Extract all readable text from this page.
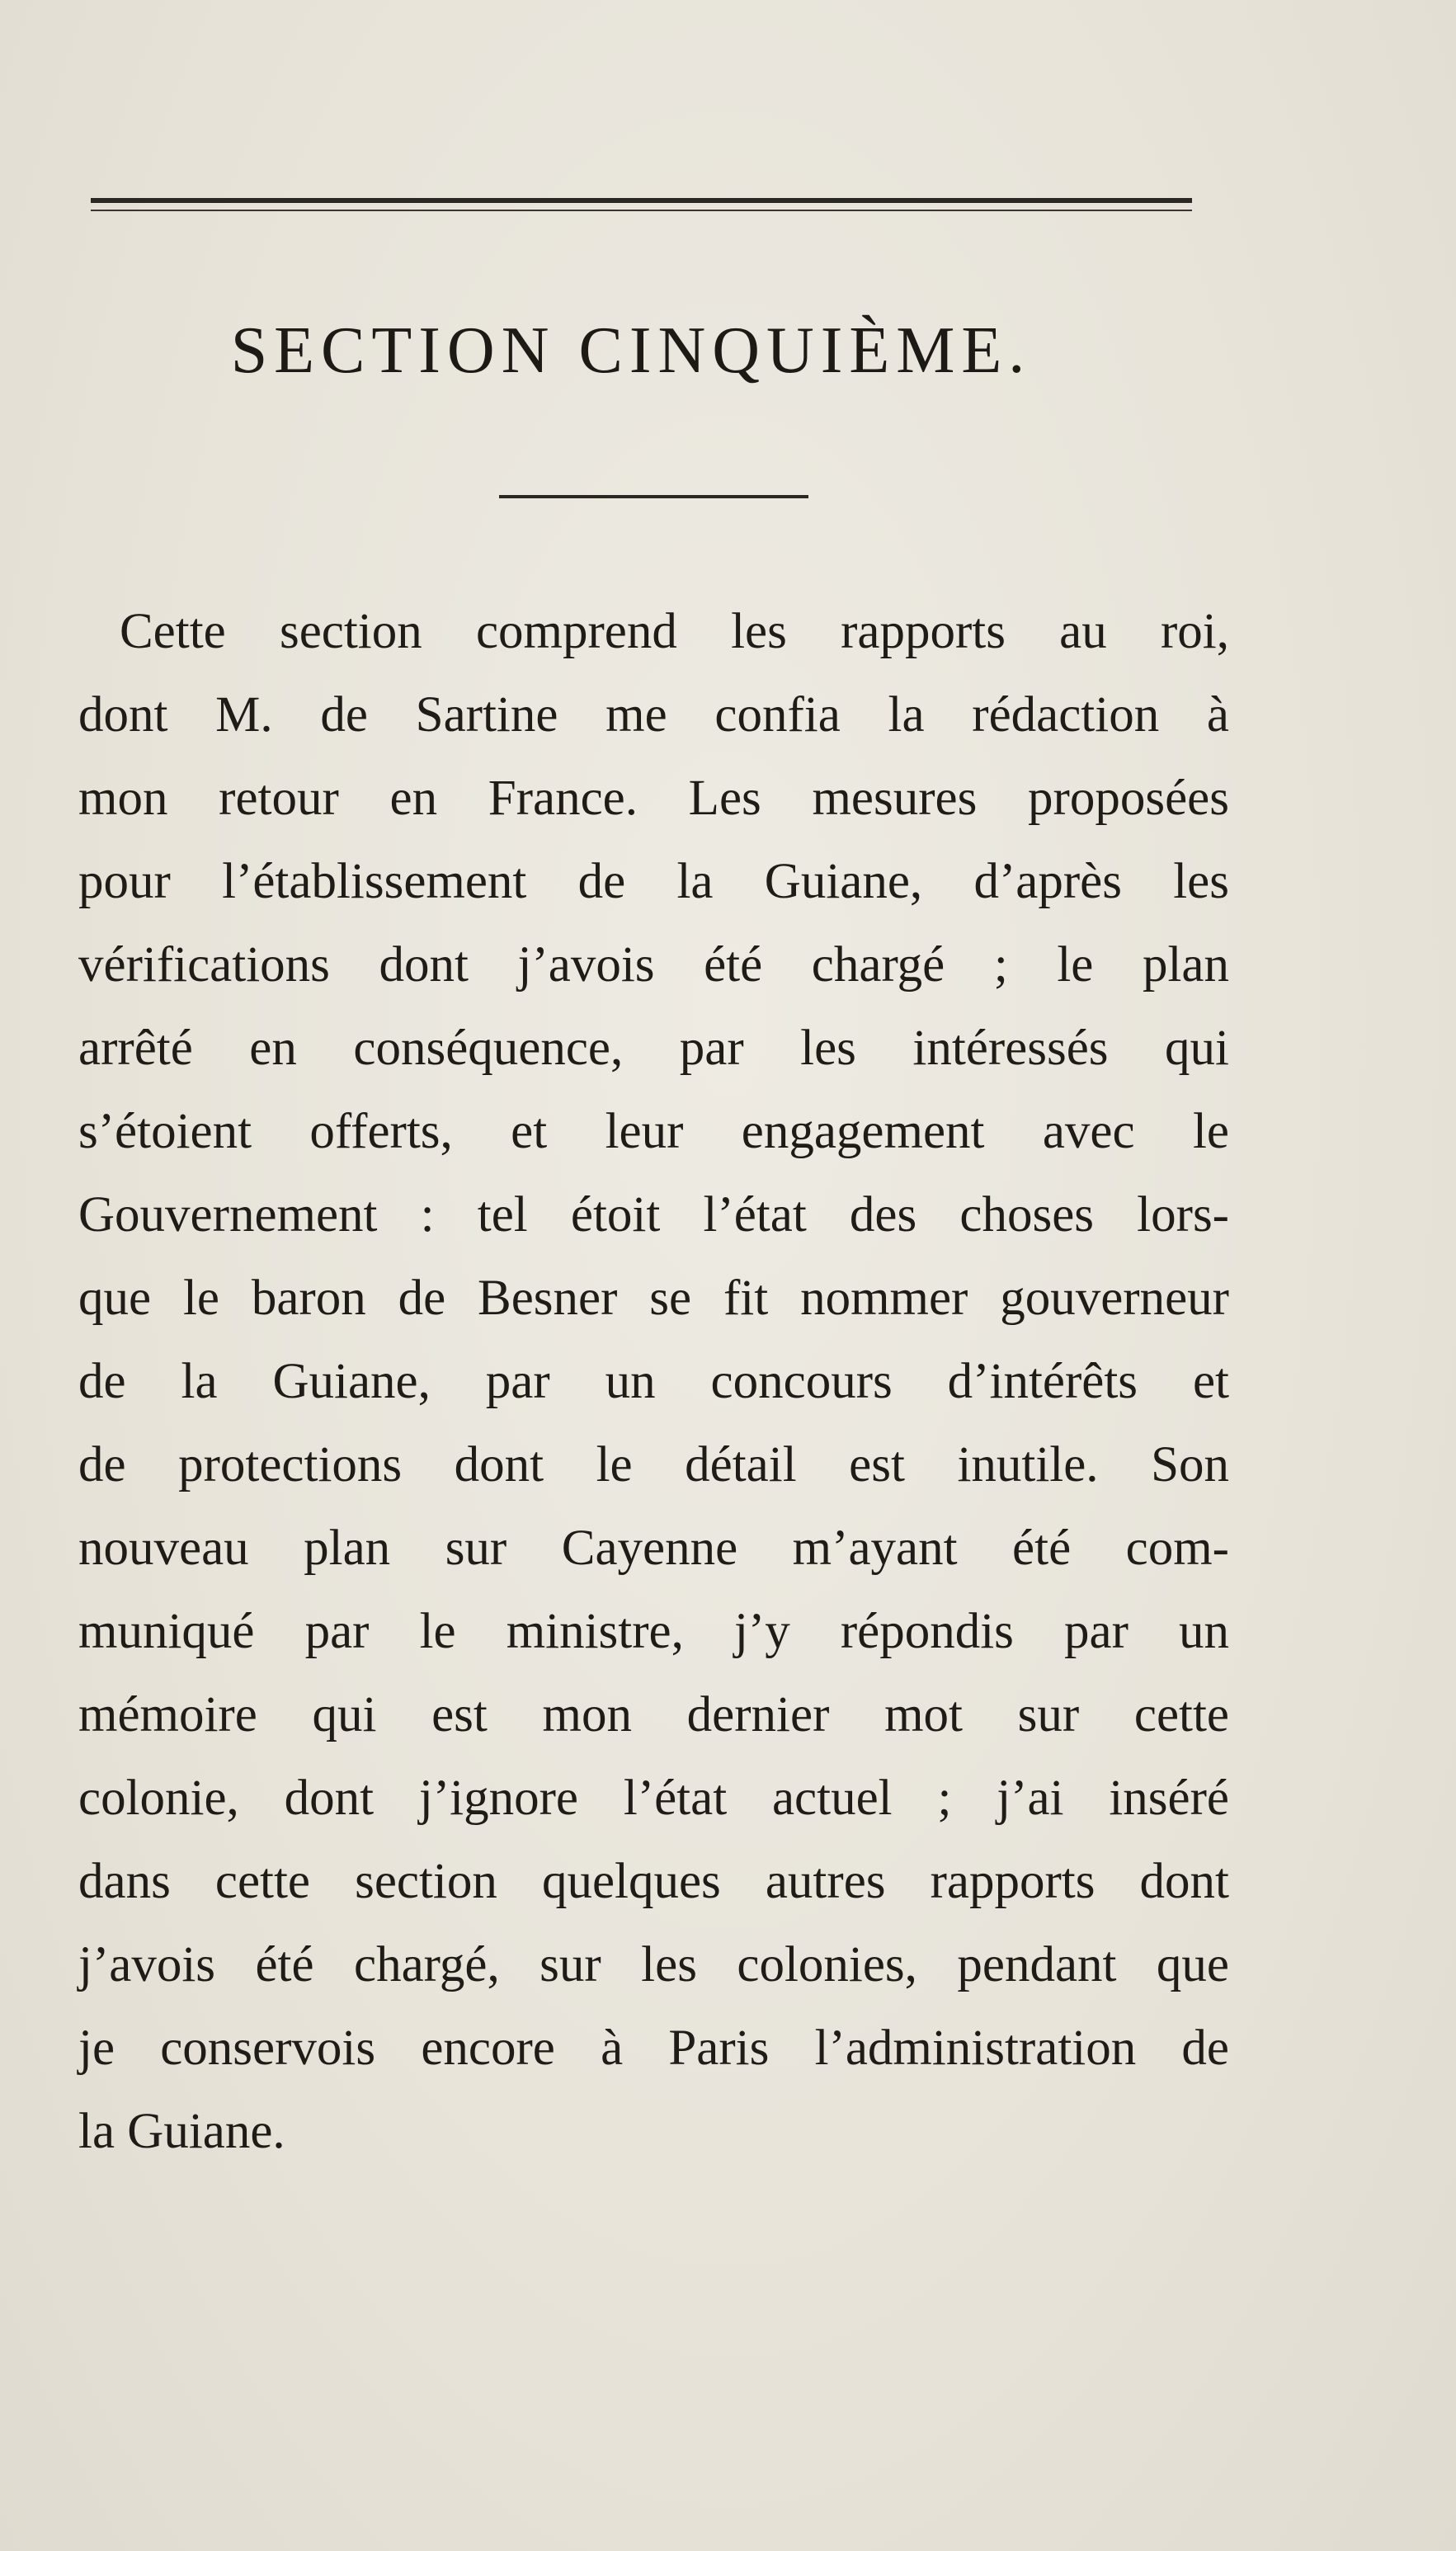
SECTION CINQUIÈME.
Cette section comprend les rapports au roi,
dont M. de Sartine me confia la rédaction à
mon retour en France. Les mesures proposées
pour l’établissement de la Guiane, d’après les
vérifications dont j’avois été chargé ; le plan
arrêté en conséquence, par les intéressés qui
s’étoient offerts, et leur engagement avec le
Gouvernement : tel étoit l’état des choses lors-
que le baron de Besner se fit nommer gouverneur
de la Guiane, par un concours d’intérêts et
de protections dont le détail est inutile. Son
nouveau plan sur Cayenne m’ayant été com-
muniqué par le ministre, j’y répondis par un
mémoire qui est mon dernier mot sur cette
colonie, dont j’ignore l’état actuel ; j’ai inséré
dans cette section quelques autres rapports dont
j’avois été chargé, sur les colonies, pendant que
je conservois encore à Paris l’administration de
la Guiane.
